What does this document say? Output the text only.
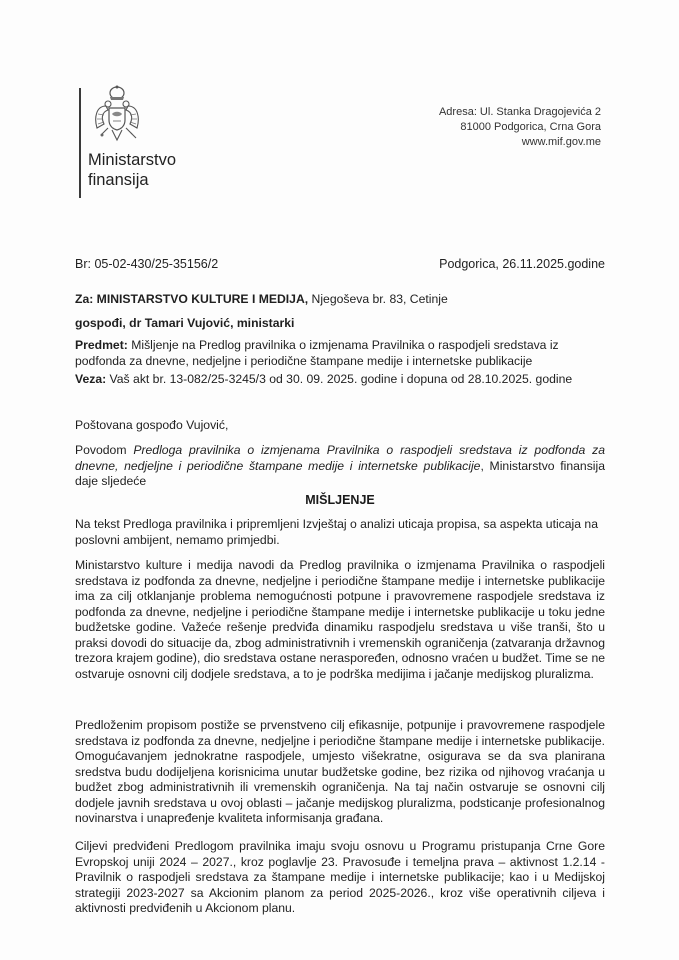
Ministarstvo
finansija
Adresa: Ul. Stanka Dragojevića 2
81000 Podgorica, Crna Gora
www.mif.gov.me
Br: 05-02-430/25-35156/2	Podgorica, 26.11.2025.godine
Za: MINISTARSTVO KULTURE I MEDIJA, Njegoševa br. 83, Cetinje
gospođi, dr Tamari Vujović, ministarki
Predmet: Mišljenje na Predlog pravilnika o izmjenama Pravilnika o raspodjeli sredstava iz podfonda za dnevne, nedjeljne i periodične štampane medije i internetske publikacije
Veza: Vaš akt br. 13-082/25-3245/3 od 30. 09. 2025. godine i dopuna od 28.10.2025. godine
Poštovana gospođo Vujović,
Povodom Predloga pravilnika o izmjenama Pravilnika o raspodjeli sredstava iz podfonda za dnevne, nedjeljne i periodične štampane medije i internetske publikacije, Ministarstvo finansija daje sljedeće
MIŠLJENJE
Na tekst Predloga pravilnika i pripremljeni Izvještaj o analizi uticaja propisa, sa aspekta uticaja na poslovni ambijent, nemamo primjedbi.
Ministarstvo kulture i medija navodi da Predlog pravilnika o izmjenama Pravilnika o raspodjeli sredstava iz podfonda za dnevne, nedjeljne i periodične štampane medije i internetske publikacije ima za cilj otklanjanje problema nemogućnosti potpune i pravovremene raspodjele sredstava iz podfonda za dnevne, nedjeljne i periodične štampane medije i internetske publikacije u toku jedne budžetske godine. Važeće rešenje predviđa dinamiku raspodjelu sredstava u više tranši, što u praksi dovodi do situacije da, zbog administrativnih i vremenskih ograničenja (zatvaranja državnog trezora krajem godine), dio sredstava ostane neraspoređen, odnosno vraćen u budžet. Time se ne ostvaruje osnovni cilj dodjele sredstava, a to je podrška medijima i jačanje medijskog pluralizma.
Predloženim propisom postiže se prvenstveno cilj efikasnije, potpunije i pravovremene raspodjele sredstava iz podfonda za dnevne, nedjeljne i periodične štampane medije i internetske publikacije. Omogućavanjem jednokratne raspodjele, umjesto višekratne, osigurava se da sva planirana sredstva budu dodijeljena korisnicima unutar budžetske godine, bez rizika od njihovog vraćanja u budžet zbog administrativnih ili vremenskih ograničenja. Na taj način ostvaruje se osnovni cilj dodjele javnih sredstava u ovoj oblasti – jačanje medijskog pluralizma, podsticanje profesionalnog novinarstva i unapređenje kvaliteta informisanja građana.
Ciljevi predviđeni Predlogom pravilnika imaju svoju osnovu u Programu pristupanja Crne Gore Evropskoj uniji 2024 – 2027., kroz poglavlje 23. Pravosuđe i temeljna prava – aktivnost 1.2.14 - Pravilnik o raspodjeli sredstava za štampane medije i internetske publikacije; kao i u Medijskoj strategiji 2023-2027 sa Akcionim planom za period 2025-2026., kroz više operativnih ciljeva i aktivnosti predviđenih u Akcionom planu.
